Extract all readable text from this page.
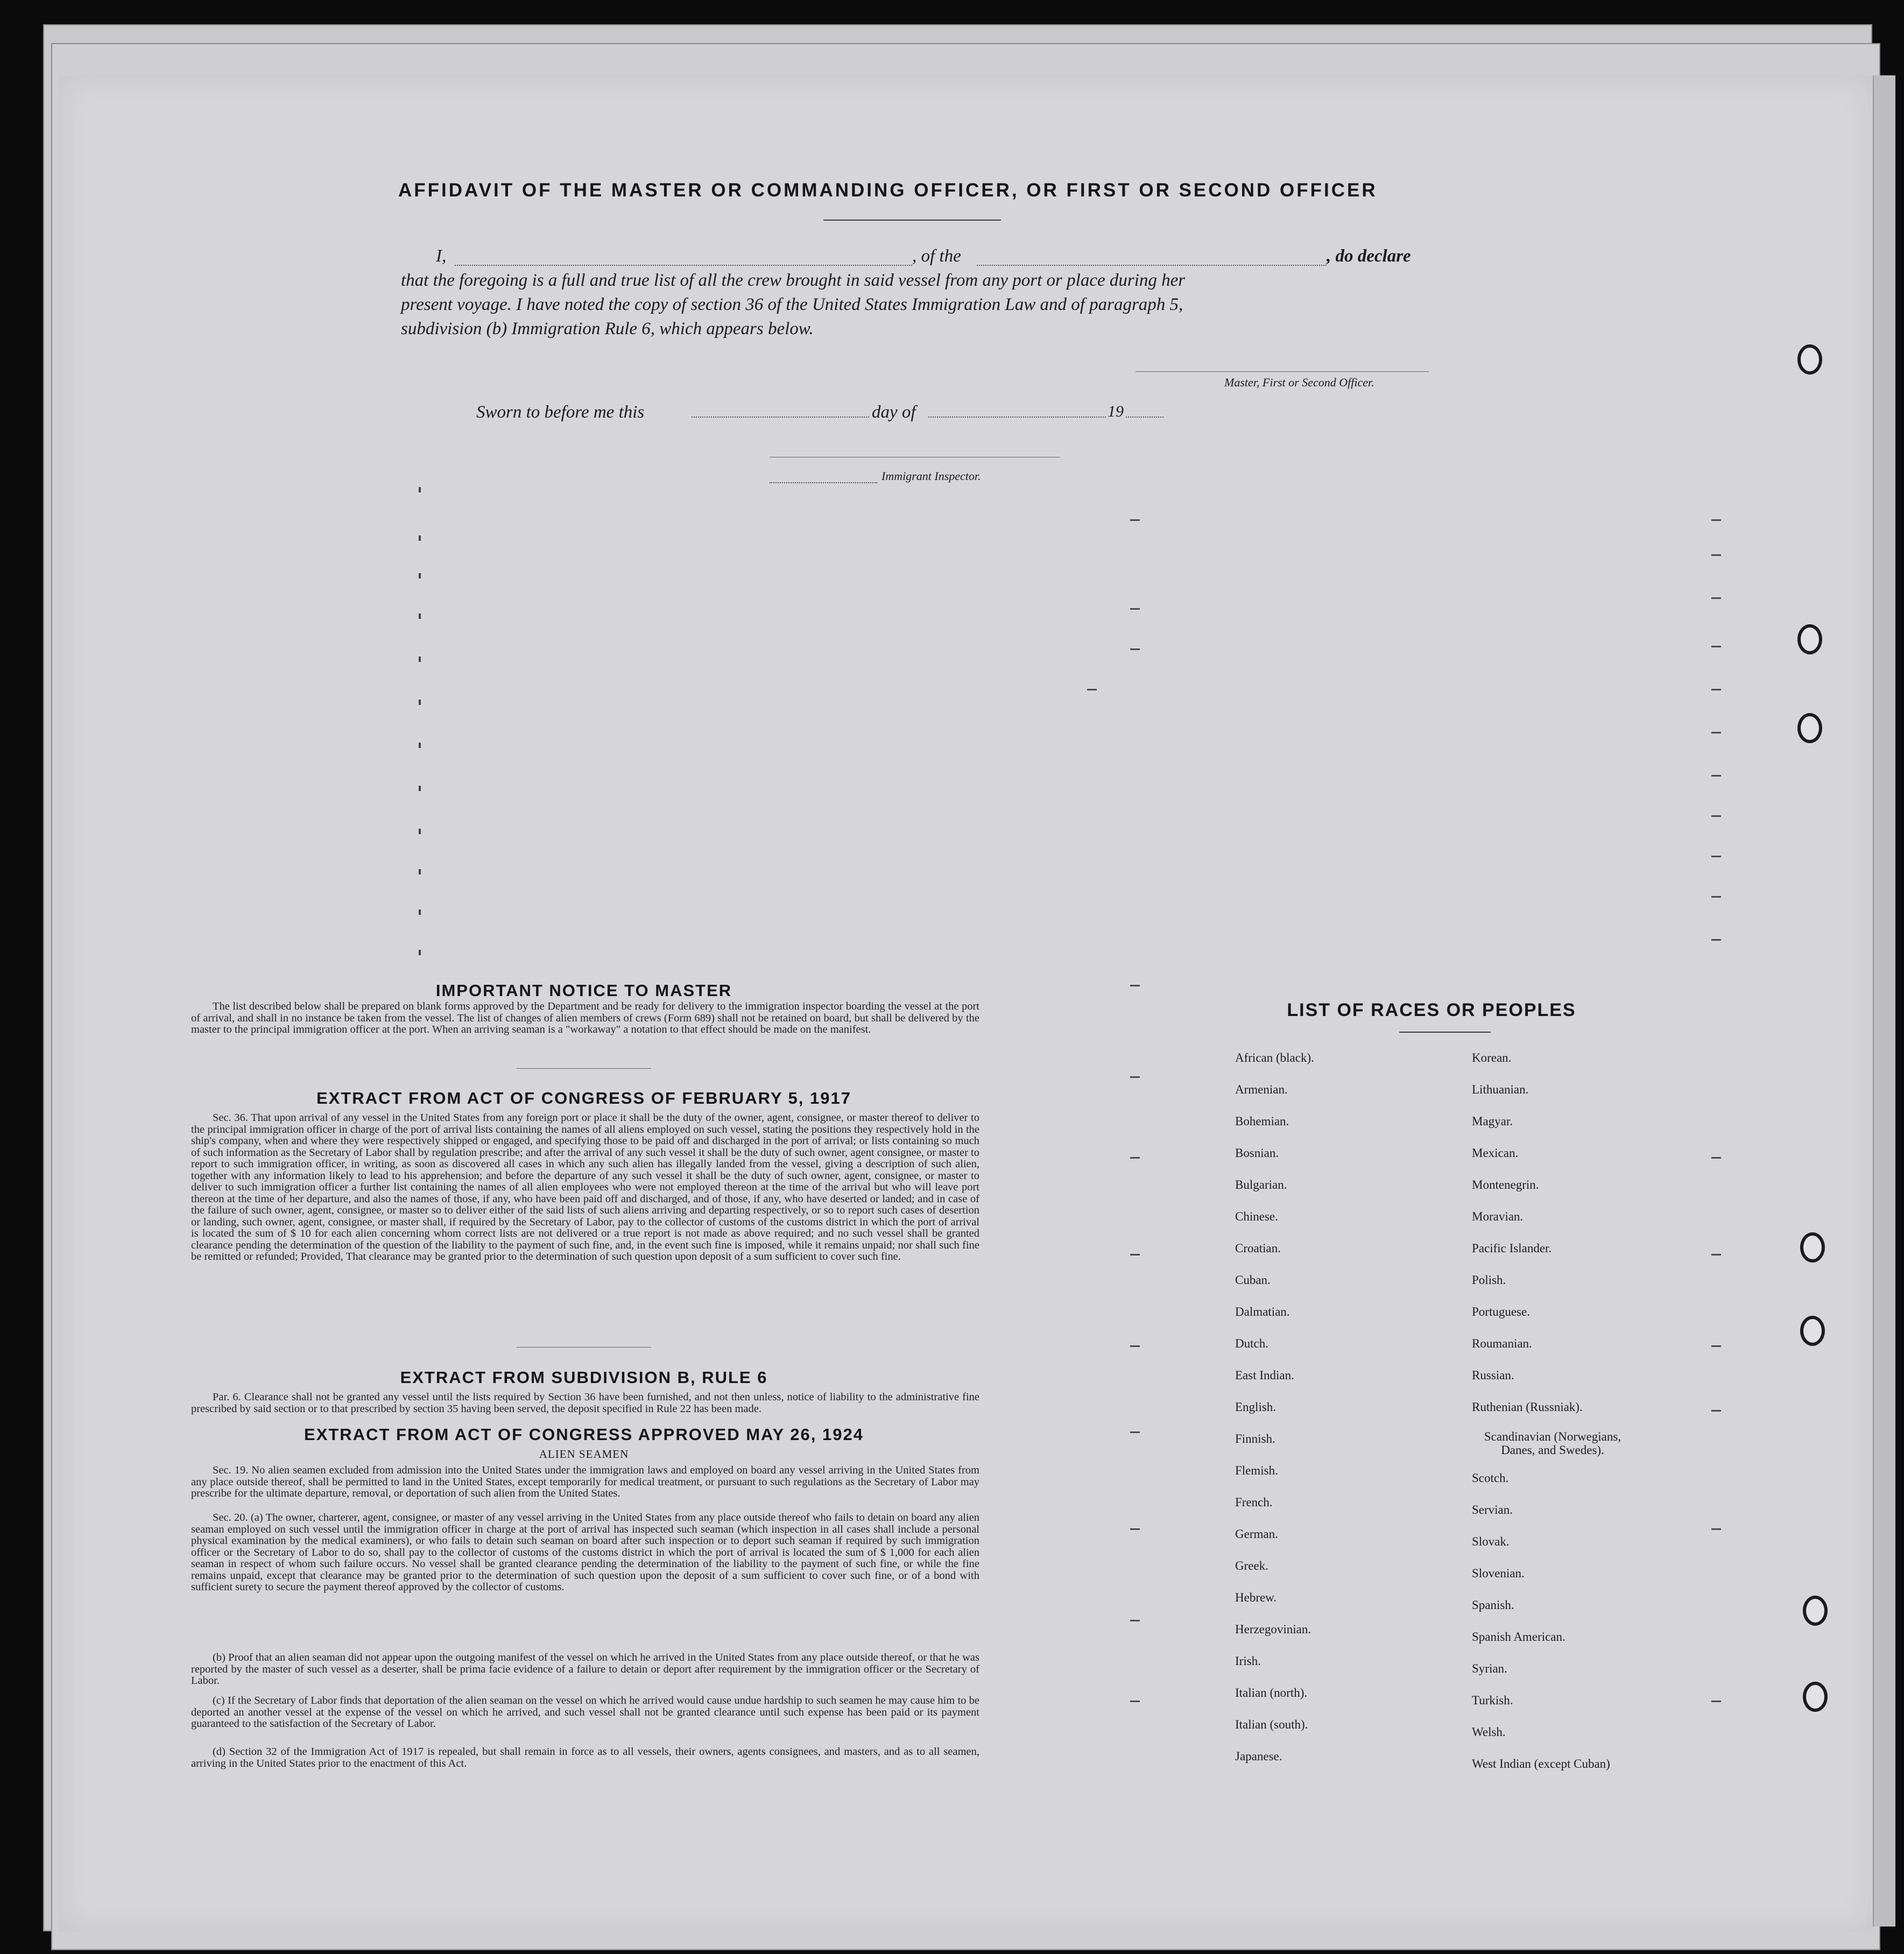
AFFIDAVIT OF THE MASTER OR COMMANDING OFFICER, OR FIRST OR SECOND OFFICER
I,	, of the	, do declare
that the foregoing is a full and true list of all the crew brought in said vessel from any port or place during her
present voyage. I have noted the copy of section 36 of the United States Immigration Law and of paragraph 5,
subdivision (b) Immigration Rule 6, which appears below.
Master, First or Second Officer.
Sworn to before me this	day of	19
Immigrant Inspector.
IMPORTANT NOTICE TO MASTER
The list described below shall be prepared on blank forms approved by the Department and be ready for delivery to the immigration inspector boarding the vessel at the port of arrival, and shall in no instance be taken from the vessel. The list of changes of alien members of crews (Form 689) shall not be retained on board, but shall be delivered by the master to the principal immigration officer at the port. When an arriving seaman is a "workaway" a notation to that effect should be made on the manifest.
EXTRACT FROM ACT OF CONGRESS OF FEBRUARY 5, 1917
Sec. 36. That upon arrival of any vessel in the United States from any foreign port or place it shall be the duty of the owner, agent, consignee, or master thereof to deliver to the principal immigration officer in charge of the port of arrival lists containing the names of all aliens employed on such vessel, stating the positions they respectively hold in the ship's company, when and where they were respectively shipped or engaged, and specifying those to be paid off and discharged in the port of arrival; or lists containing so much of such information as the Secretary of Labor shall by regulation prescribe; and after the arrival of any such vessel it shall be the duty of such owner, agent consignee, or master to report to such immigration officer, in writing, as soon as discovered all cases in which any such alien has illegally landed from the vessel, giving a description of such alien, together with any information likely to lead to his apprehension; and before the departure of any such vessel it shall be the duty of such owner, agent, consignee, or master to deliver to such immigration officer a further list containing the names of all alien employees who were not employed thereon at the time of the arrival but who will leave port thereon at the time of her departure, and also the names of those, if any, who have been paid off and discharged, and of those, if any, who have deserted or landed; and in case of the failure of such owner, agent, consignee, or master so to deliver either of the said lists of such aliens arriving and departing respectively, or so to report such cases of desertion or landing, such owner, agent, consignee, or master shall, if required by the Secretary of Labor, pay to the collector of customs of the customs district in which the port of arrival is located the sum of $ 10 for each alien concerning whom correct lists are not delivered or a true report is not made as above required; and no such vessel shall be granted clearance pending the determination of the question of the liability to the payment of such fine, and, in the event such fine is imposed, while it remains unpaid; nor shall such fine be remitted or refunded; Provided, That clearance may be granted prior to the determination of such question upon deposit of a sum sufficient to cover such fine.
EXTRACT FROM SUBDIVISION B, RULE 6
Par. 6. Clearance shall not be granted any vessel until the lists required by Section 36 have been furnished, and not then unless, notice of liability to the administrative fine prescribed by said section or to that prescribed by section 35 having been served, the deposit specified in Rule 22 has been made.
EXTRACT FROM ACT OF CONGRESS APPROVED MAY 26, 1924
ALIEN SEAMEN
Sec. 19. No alien seamen excluded from admission into the United States under the immigration laws and employed on board any vessel arriving in the United States from any place outside thereof, shall be permitted to land in the United States, except temporarily for medical treatment, or pursuant to such regulations as the Secretary of Labor may prescribe for the ultimate departure, removal, or deportation of such alien from the United States.
Sec. 20. (a) The owner, charterer, agent, consignee, or master of any vessel arriving in the United States from any place outside thereof who fails to detain on board any alien seaman employed on such vessel until the immigration officer in charge at the port of arrival has inspected such seaman (which inspection in all cases shall include a personal physical examination by the medical examiners), or who fails to detain such seaman on board after such inspection or to deport such seaman if required by such immigration officer or the Secretary of Labor to do so, shall pay to the collector of customs of the customs district in which the port of arrival is located the sum of $ 1,000 for each alien seaman in respect of whom such failure occurs. No vessel shall be granted clearance pending the determination of the liability to the payment of such fine, or while the fine remains unpaid, except that clearance may be granted prior to the determination of such question upon the deposit of a sum sufficient to cover such fine, or of a bond with sufficient surety to secure the payment thereof approved by the collector of customs.
(b) Proof that an alien seaman did not appear upon the outgoing manifest of the vessel on which he arrived in the United States from any place outside thereof, or that he was reported by the master of such vessel as a deserter, shall be prima facie evidence of a failure to detain or deport after requirement by the immigration officer or the Secretary of Labor.
(c) If the Secretary of Labor finds that deportation of the alien seaman on the vessel on which he arrived would cause undue hardship to such seamen he may cause him to be deported an another vessel at the expense of the vessel on which he arrived, and such vessel shall not be granted clearance until such expense has been paid or its payment guaranteed to the satisfaction of the Secretary of Labor.
(d) Section 32 of the Immigration Act of 1917 is repealed, but shall remain in force as to all vessels, their owners, agents consignees, and masters, and as to all seamen, arriving in the United States prior to the enactment of this Act.
LIST OF RACES OR PEOPLES
African (black).
Armenian.
Bohemian.
Bosnian.
Bulgarian.
Chinese.
Croatian.
Cuban.
Dalmatian.
Dutch.
East Indian.
English.
Finnish.
Flemish.
French.
German.
Greek.
Hebrew.
Herzegovinian.
Irish.
Italian (north).
Italian (south).
Japanese.
Korean.
Lithuanian.
Magyar.
Mexican.
Montenegrin.
Moravian.
Pacific Islander.
Polish.
Portuguese.
Roumanian.
Russian.
Ruthenian (Russniak).
Scandinavian (Norwegians, Danes, and Swedes).
Scotch.
Servian.
Slovak.
Slovenian.
Spanish.
Spanish American.
Syrian.
Turkish.
Welsh.
West Indian (except Cuban)
